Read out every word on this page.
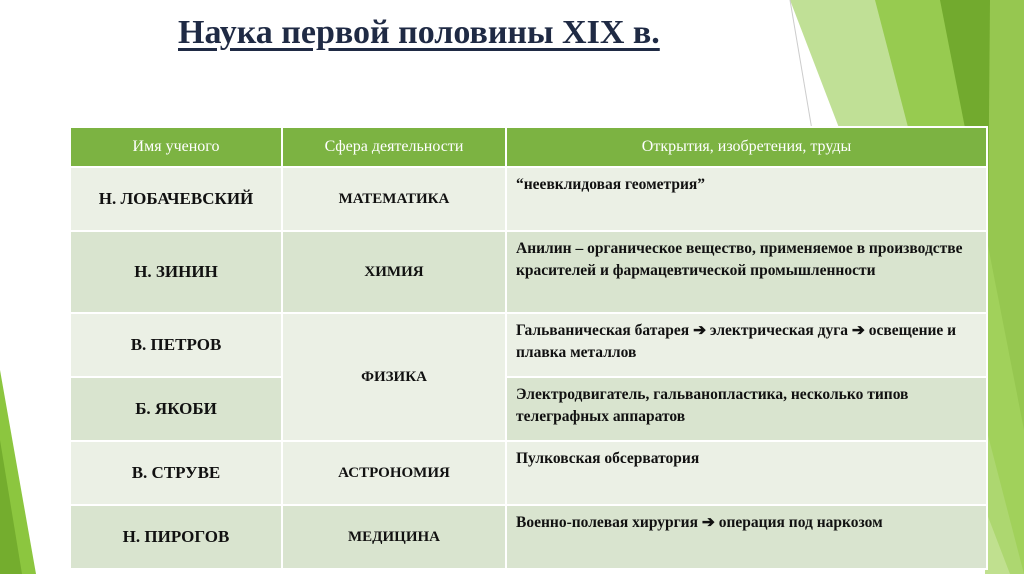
Наука первой половины XIX в.
Имя ученого	Сфера деятельности	Открытия, изобретения, труды
Н. ЛОБАЧЕВСКИЙ	МАТЕМАТИКА	“неевклидовая геометрия”
Н. ЗИНИН	ХИМИЯ	Анилин – органическое вещество, применяемое в производстве красителей и фармацевтической промышленности
В. ПЕТРОВ	ФИЗИКА	Гальваническая батарея ➔ электрическая дуга ➔ освещение и плавка металлов
Б. ЯКОБИ		Электродвигатель, гальванопластика, несколько типов телеграфных аппаратов
В. СТРУВЕ	АСТРОНОМИЯ	Пулковская обсерватория
Н. ПИРОГОВ	МЕДИЦИНА	Военно-полевая хирургия ➔ операция под наркозом
